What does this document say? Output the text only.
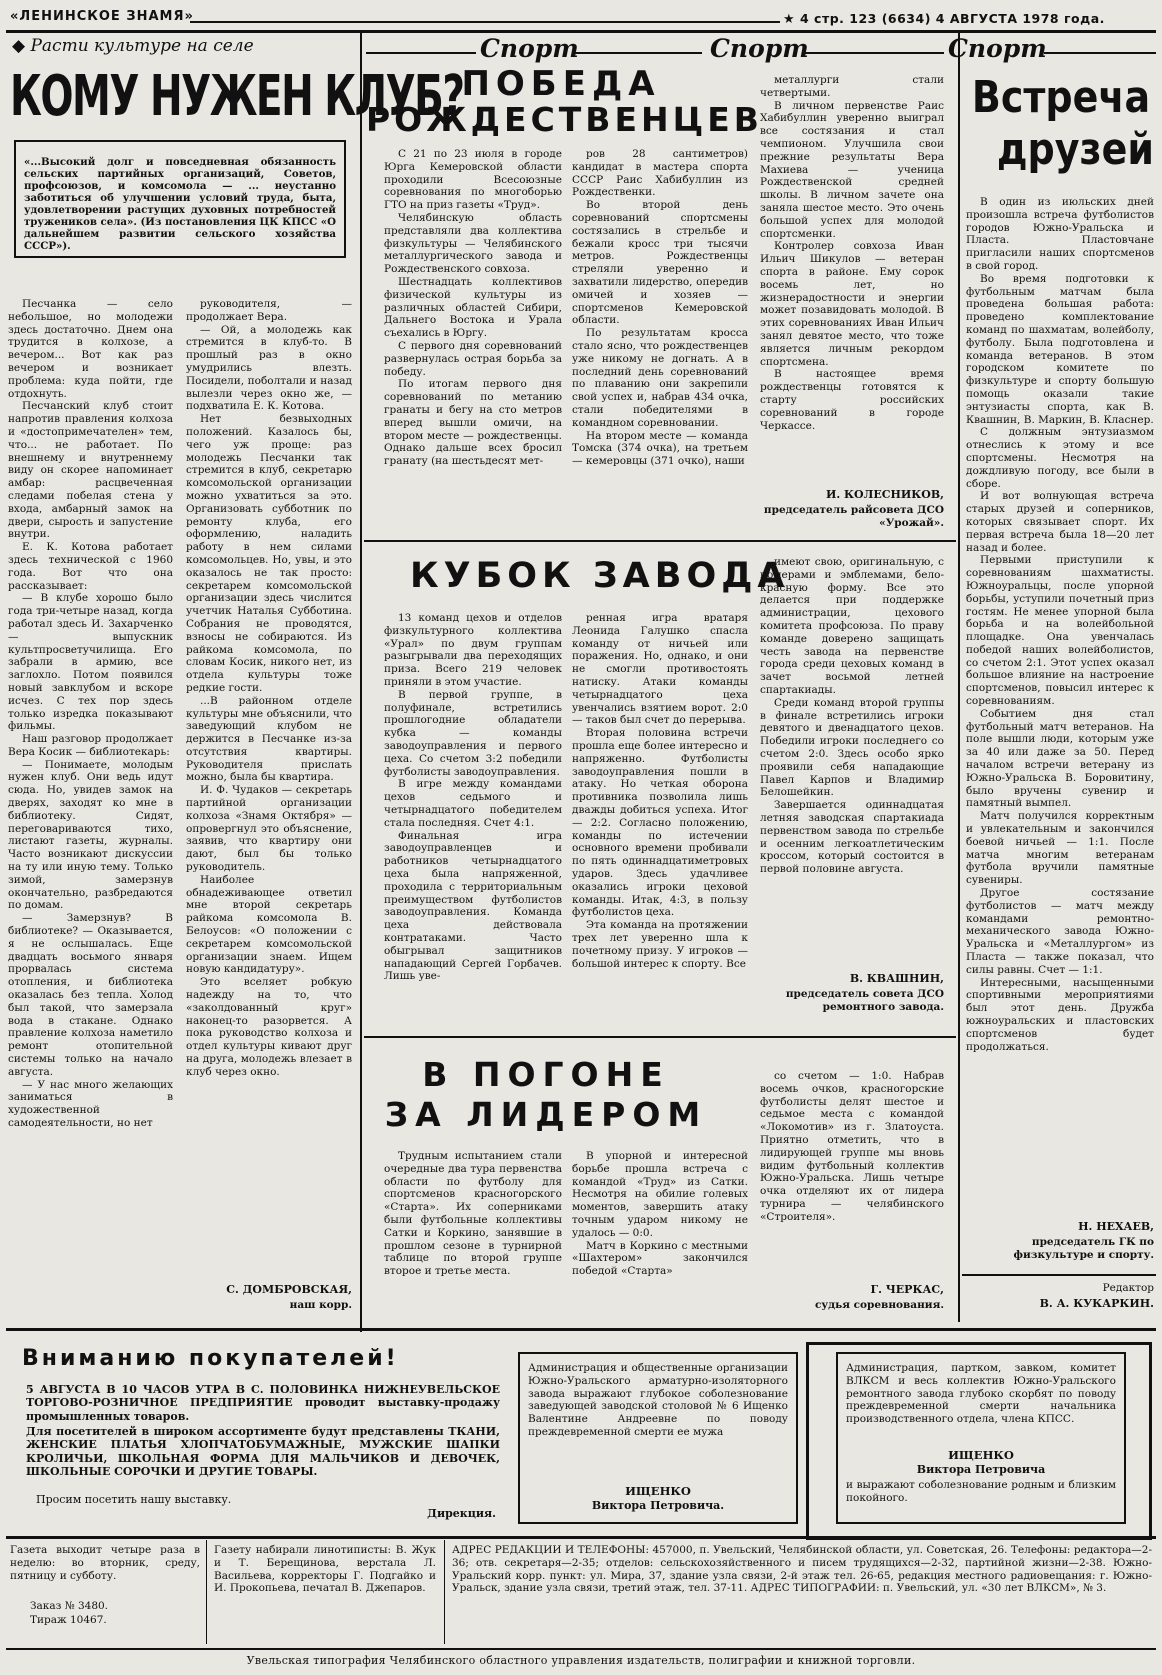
«ЛЕНИНСКОЕ ЗНАМЯ»	★ 4 стр. 123 (6634) 4 АВГУСТА 1978 года.
◆ Расти культуре на селе
КОМУ НУЖЕН КЛУБ?
«...Высокий долг и повседневная обязанность сельских партийных организаций, Советов, профсоюзов, и комсомола — ... неустанно заботиться об улучшении условий труда, быта, удовлетворении растущих духовных потребностей тружеников села». (Из постановления ЦК КПСС «О дальнейшем развитии сельского хозяйства СССР»).

Песчанка — село небольшое, но молодежи здесь достаточно. Днем она трудится в колхозе, а вечером... Вот как раз вечером и возникает проблема: куда пойти, где отдохнуть.

Песчанский клуб стоит напротив правления колхоза и «достопримечателен» тем, что... не работает. По внешнему и внутреннему виду он скорее напоминает амбар: расцвеченная следами побелая стена у входа, амбарный замок на двери, сырость и запустение внутри.

Е. К. Котова работает здесь технической с 1960 года. Вот что она рассказывает:

— В клубе хорошо было года три-четыре назад, когда работал здесь И. Захарченко — выпускник культпросветучилища. Его забрали в армию, все заглохло. Потом появился новый завклубом и вскоре исчез. С тех пор здесь только изредка показывают фильмы.

Наш разговор продолжает Вера Косик — библиотекарь:

— Понимаете, молодым нужен клуб. Они ведь идут сюда. Но, увидев замок на дверях, заходят ко мне в библиотеку. Сидят, переговариваются тихо, листают газеты, журналы. Часто возникают дискуссии на ту или иную тему. Только зимой, замерзнув окончательно, разбредаются по домам.

— Замерзнув? В библиотеке? — Оказывается, я не ослышалась. Еще двадцать восьмого января прорвалась система отопления, и библиотека оказалась без тепла. Холод был такой, что замерзала вода в стакане. Однако правление колхоза наметило ремонт отопительной системы только на начало августа.

— У нас много желающих заниматься в художественной самодеятельности, но нет

руководителя, — продолжает Вера.

— Ой, а молодежь как стремится в клуб-то. В прошлый раз в окно умудрились влезть. Посидели, поболтали и назад вылезли через окно же, — подхватила Е. К. Котова.

Нет безвыходных положений. Казалось бы, чего уж проще: раз молодежь Песчанки так стремится в клуб, секретарю комсомольской организации можно ухватиться за это. Организовать субботник по ремонту клуба, его оформлению, наладить работу в нем силами комсомольцев. Но, увы, и это оказалось не так просто: секретарем комсомольской организации здесь числится учетчик Наталья Субботина. Собрания не проводятся, взносы не собираются. Из райкома комсомола, по словам Косик, никого нет, из отдела культуры тоже редкие гости.

...В районном отделе культуры мне объяснили, что заведующий клубом не держится в Песчанке из-за отсутствия квартиры. Руководителя прислать можно, была бы квартира.

И. Ф. Чудаков — секретарь партийной организации колхоза «Знамя Октября» — опровергнул это объяснение, заявив, что квартиру они дают, был бы только руководитель.

Наиболее обнадеживающее ответил мне второй секретарь райкома комсомола В. Белоусов: «О положении с секретарем комсомольской организации знаем. Ищем новую кандидатуру».

Это вселяет робкую надежду на то, что «заколдованный круг» наконец-то разорвется. А пока руководство колхоза и отдел культуры кивают друг на друга, молодежь влезает в клуб через окно.

С. ДОМБРОВСКАЯ,
наш корр.
Спорт	Спорт	Спорт
ПОБЕДА
РОЖДЕСТВЕНЦЕВ

С 21 по 23 июля в городе Юрга Кемеровской области проходили Всесоюзные соревнования по многоборью ГТО на приз газеты «Труд».

Челябинскую область представляли два коллектива физкультуры — Челябинского металлургического завода и Рождественского совхоза.

Шестнадцать коллективов физической культуры из различных областей Сибири, Дальнего Востока и Урала съехались в Юргу.

С первого дня соревнований развернулась острая борьба за победу.

По итогам первого дня соревнований по метанию гранаты и бегу на сто метров вперед вышли омичи, на втором месте — рождественцы. Однако дальше всех бросил гранату (на шестьдесят мет-

ров 28 сантиметров) кандидат в мастера спорта СССР Раис Хабибуллин из Рождественки.

Во второй день соревнований спортсмены состязались в стрельбе и бежали кросс три тысячи метров. Рождественцы стреляли уверенно и захватили лидерство, опередив омичей и хозяев — спортсменов Кемеровской области.

По результатам кросса стало ясно, что рождественцев уже никому не догнать. А в последний день соревнований по плаванию они закрепили свой успех и, набрав 434 очка, стали победителями в командном соревновании.

На втором месте — команда Томска (374 очка), на третьем — кемеровцы (371 очко), наши

металлурги стали четвертыми.

В личном первенстве Раис Хабибуллин уверенно выиграл все состязания и стал чемпионом. Улучшила свои прежние результаты Вера Махиева — ученица Рождественской средней школы. В личном зачете она заняла шестое место. Это очень большой успех для молодой спортсменки.

Контролер совхоза Иван Ильич Шикулов — ветеран спорта в районе. Ему сорок восемь лет, но жизнерадостности и энергии может позавидовать молодой. В этих соревнованиях Иван Ильич занял девятое место, что тоже является личным рекордом спортсмена.

В настоящее время рождественцы готовятся к старту российских соревнований в городе Черкассе.

И. КОЛЕСНИКОВ,
председатель райсовета ДСО «Урожай».
КУБОК ЗАВОДА

13 команд цехов и отделов физкультурного коллектива «Урал» по двум группам разыгрывали два переходящих приза. Всего 219 человек приняли в этом участие.

В первой группе, в полуфинале, встретились прошлогодние обладатели кубка — команды заводоуправления и первого цеха. Со счетом 3:2 победили футболисты заводоуправления.

В игре между командами цехов седьмого и четырнадцатого победителем стала последняя. Счет 4:1.

Финальная игра заводоуправленцев и работников четырнадцатого цеха была напряженной, проходила с территориальным преимуществом футболистов заводоуправления. Команда цеха действовала контратаками. Часто обыгрывал защитников нападающий Сергей Горбачев. Лишь уве-

ренная игра вратаря Леонида Галушко спасла команду от ничьей или поражения. Но, однако, и они не смогли противостоять натиску. Атаки команды четырнадцатого цеха увенчались взятием ворот. 2:0 — таков был счет до перерыва.

Вторая половина встречи прошла еще более интересно и напряженно. Футболисты заводоуправления пошли в атаку. Но четкая оборона противника позволила лишь дважды добиться успеха. Итог — 2:2. Согласно положению, команды по истечении основного времени пробивали по пять одиннадцатиметровых ударов. Здесь удачливее оказались игроки цеховой команды. Итак, 4:3, в пользу футболистов цеха.

Эта команда на протяжении трех лет уверенно шла к почетному призу. У игроков — большой интерес к спорту. Все

имеют свою, оригинальную, с номерами и эмблемами, бело-красную форму. Все это делается при поддержке администрации, цехового комитета профсоюза. По праву команде доверено защищать честь завода на первенстве города среди цеховых команд в зачет восьмой летней спартакиады.

Среди команд второй группы в финале встретились игроки девятого и двенадцатого цехов. Победили игроки последнего со счетом 2:0. Здесь особо ярко проявили себя нападающие Павел Карпов и Владимир Белошейкин.

Завершается одиннадцатая летняя заводская спартакиада первенством завода по стрельбе и осенним легкоатлетическим кроссом, который состоится в первой половине августа.

В. КВАШНИН,
председатель совета ДСО ремонтного завода.
В ПОГОНЕ
ЗА ЛИДЕРОМ

Трудным испытанием стали очередные два тура первенства области по футболу для спортсменов красногорского «Старта». Их соперниками были футбольные коллективы Сатки и Коркино, занявшие в прошлом сезоне в турнирной таблице по второй группе второе и третье места.

В упорной и интересной борьбе прошла встреча с командой «Труд» из Сатки. Несмотря на обилие голевых моментов, завершить атаку точным ударом никому не удалось — 0:0.

Матч в Коркино с местными «Шахтером» закончился победой «Старта»

со счетом — 1:0. Набрав восемь очков, красногорские футболисты делят шестое и седьмое места с командой «Локомотив» из г. Златоуста. Приятно отметить, что в лидирующей группе мы вновь видим футбольный коллектив Южно-Уральска. Лишь четыре очка отделяют их от лидера турнира — челябинского «Строителя».

Г. ЧЕРКАС,
судья соревнования.
Встреча
друзей

В один из июльских дней произошла встреча футболистов городов Южно-Уральска и Пласта. Пластовчане пригласили наших спортсменов в свой город.

Во время подготовки к футбольным матчам была проведена большая работа: проведено комплектование команд по шахматам, волейболу, футболу. Была подготовлена и команда ветеранов. В этом городском комитете по физкультуре и спорту большую помощь оказали такие энтузиасты спорта, как В. Квашнин, В. Маркин, В. Класнер.

С должным энтузиазмом отнеслись к этому и все спортсмены. Несмотря на дождливую погоду, все были в сборе.

И вот волнующая встреча старых друзей и соперников, которых связывает спорт. Их первая встреча была 18—20 лет назад и более.

Первыми приступили к соревнованиям шахматисты. Южноуральцы, после упорной борьбы, уступили почетный приз гостям. Не менее упорной была борьба и на волейбольной площадке. Она увенчалась победой наших волейболистов, со счетом 2:1. Этот успех оказал большое влияние на настроение спортсменов, повысил интерес к соревнованиям.

Событием дня стал футбольный матч ветеранов. На поле вышли люди, которым уже за 40 или даже за 50. Перед началом встречи ветерану из Южно-Уральска В. Боровитину, было вручены сувенир и памятный вымпел.

Матч получился корректным и увлекательным и закончился боевой ничьей — 1:1. После матча многим ветеранам футбола вручили памятные сувениры.

Другое состязание футболистов — матч между командами ремонтно-механического завода Южно-Уральска и «Металлургом» из Пласта — также показал, что силы равны. Счет — 1:1.

Интересными, насыщенными спортивными мероприятиями был этот день. Дружба южноуральских и пластовских спортсменов будет продолжаться.

Н. НЕХАЕВ,
председатель ГК по физкультуре и спорту.
Редактор
В. А. КУКАРКИН.
Вниманию покупателей!
5 АВГУСТА В 10 ЧАСОВ УТРА В С. ПОЛОВИНКА НИЖНЕУВЕЛЬСКОЕ ТОРГОВО-РОЗНИЧНОЕ ПРЕДПРИЯТИЕ проводит выставку-продажу промышленных товаров.
Для посетителей в широком ассортименте будут представлены ТКАНИ, ЖЕНСКИЕ ПЛАТЬЯ ХЛОПЧАТОБУМАЖНЫЕ, МУЖСКИЕ ШАПКИ КРОЛИЧЬИ, ШКОЛЬНАЯ ФОРМА ДЛЯ МАЛЬЧИКОВ И ДЕВОЧЕК, ШКОЛЬНЫЕ СОРОЧКИ И ДРУГИЕ ТОВАРЫ.
Просим посетить нашу выставку.
Дирекция.
Администрация и общественные организации Южно-Уральского арматурно-изоляторного завода выражают глубокое соболезнование заведующей заводской столовой № 6 Ищенко Валентине Андреевне по поводу преждевременной смерти ее мужа
ИЩЕНКО
Виктора Петровича.
Администрация, партком, завком, комитет ВЛКСМ и весь коллектив Южно-Уральского ремонтного завода глубоко скорбят по поводу преждевременной смерти начальника производственного отдела, члена КПСС.
ИЩЕНКО
Виктора Петровича
и выражают соболезнование родным и близким покойного.
Газета выходит четыре раза в неделю: во вторник, среду, пятницу и субботу.
Заказ № 3480.
Тираж 10467.
Газету набирали линотиписты: В. Жук и Т. Берещинова, верстала Л. Васильева, корректоры Г. Подгайко и И. Прокопьева, печатал В. Джепаров.
АДРЕС РЕДАКЦИИ И ТЕЛЕФОНЫ: 457000, п. Увельский, Челябинской области, ул. Советская, 26. Телефоны: редактора—2-36; отв. секретаря—2-35; отделов: сельскохозяйственного и писем трудящихся—2-32, партийной жизни—2-38. Южно-Уральский корр. пункт: ул. Мира, 37, здание узла связи, 2-й этаж тел. 26-65, редакция местного радиовещания: г. Южно-Уральск, здание узла связи, третий этаж, тел. 37-11. АДРЕС ТИПОГРАФИИ: п. Увельский, ул. «30 лет ВЛКСМ», № 3.
Увельская типография Челябинского областного управления издательств, полиграфии и книжной торговли.
